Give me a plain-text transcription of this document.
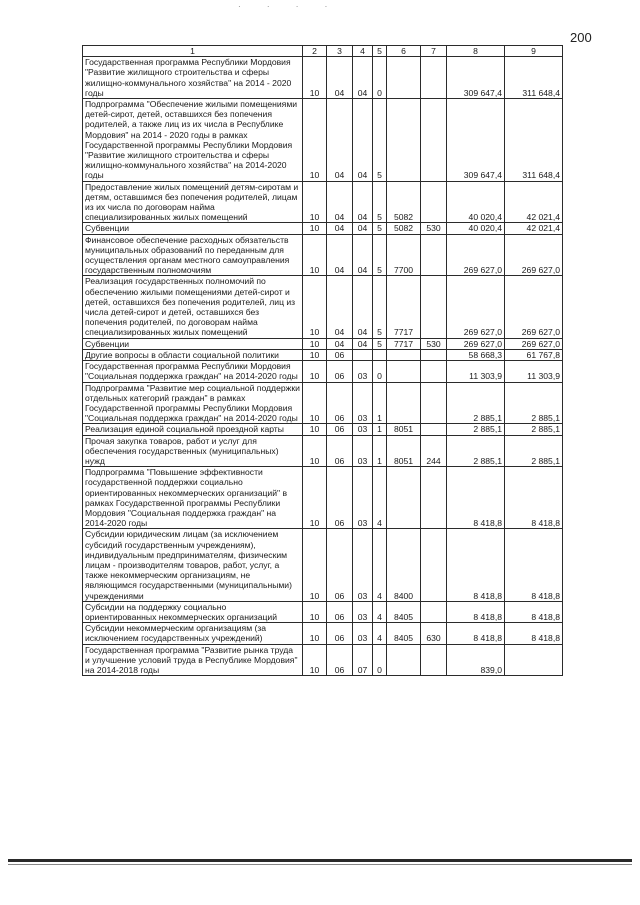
· · · ·
200
1	2	3	4	5	6	7	8	9
Государственная программа Республики Мордовия "Развитие жилищного строительства и сферы жилищно-коммунального хозяйства" на 2014 - 2020 годы	10	04	04	0			309 647,4	311 648,4
Подпрограмма "Обеспечение жилыми помещениями детей-сирот, детей, оставшихся без попечения родителей, а также лиц из их числа в Республике Мордовия" на 2014 - 2020 годы в рамках Государственной программы Республики Мордовия "Развитие жилищного строительства и сферы жилищно-коммунального хозяйства" на 2014-2020 годы	10	04	04	5			309 647,4	311 648,4
Предоставление жилых помещений детям-сиротам и детям, оставшимся без попечения родителей, лицам из их числа по договорам найма специализированных жилых помещений	10	04	04	5	5082		40 020,4	42 021,4
Субвенции	10	04	04	5	5082	530	40 020,4	42 021,4
Финансовое обеспечение расходных обязательств муниципальных образований по переданным для осуществления органам местного самоуправления государственным полномочиям	10	04	04	5	7700		269 627,0	269 627,0
Реализация государственных полномочий по обеспечению жилыми помещениями детей-сирот и детей, оставшихся без попечения родителей, лиц из числа детей-сирот и детей, оставшихся без попечения родителей, по договорам найма специализированных жилых помещений	10	04	04	5	7717		269 627,0	269 627,0
Субвенции	10	04	04	5	7717	530	269 627,0	269 627,0
Другие вопросы в области социальной политики	10	06					58 668,3	61 767,8
Государственная программа Республики Мордовия "Социальная поддержка граждан" на 2014-2020 годы	10	06	03	0			11 303,9	11 303,9
Подпрограмма "Развитие мер социальной поддержки отдельных категорий граждан" в рамках Государственной программы Республики Мордовия "Социальная поддержка граждан" на 2014-2020 годы	10	06	03	1			2 885,1	2 885,1
Реализация единой социальной проездной карты	10	06	03	1	8051		2 885,1	2 885,1
Прочая закупка товаров, работ и услуг для обеспечения государственных (муниципальных) нужд	10	06	03	1	8051	244	2 885,1	2 885,1
Подпрограмма "Повышение эффективности государственной поддержки социально ориентированных некоммерческих организаций" в рамках Государственной программы Республики Мордовия "Социальная поддержка граждан" на 2014-2020 годы	10	06	03	4			8 418,8	8 418,8
Субсидии юридическим лицам (за исключением субсидий государственным учреждениям), индивидуальным предпринимателям, физическим лицам - производителям товаров, работ, услуг, а также некоммерческим организациям, не являющимся государственными (муниципальными) учреждениями	10	06	03	4	8400		8 418,8	8 418,8
Субсидии на поддержку социально ориентированных некоммерческих организаций	10	06	03	4	8405		8 418,8	8 418,8
Субсидии некоммерческим организациям (за исключением государственных учреждений)	10	06	03	4	8405	630	8 418,8	8 418,8
Государственная программа "Развитие рынка труда и улучшение условий труда в Республике Мордовия" на 2014-2018 годы	10	06	07	0			839,0	
